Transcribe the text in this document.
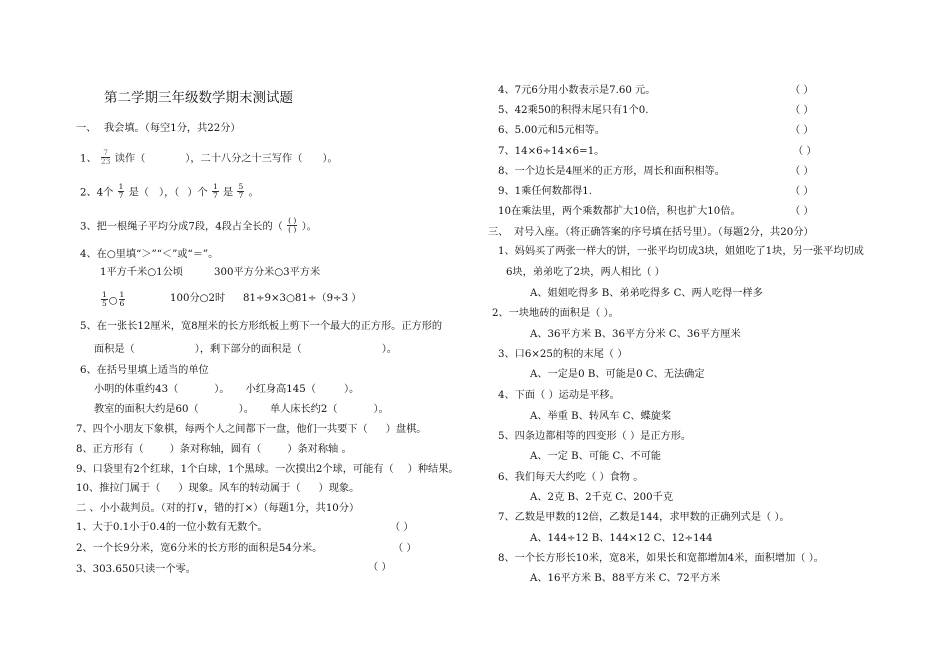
第二学期三年级数学期末测试题
一、 我会填。（每空1分，共22分）
1、 $\frac{7}{23}$ 读作（	），二十八分之十三写作（ ）。
2、4个 $\frac{1}{7}$ 是（ ），（ ）个 $\frac{1}{7}$ 是 $\frac{5}{7}$ 。
3、把一根绳子平均分成7段，4段占全长的（ $\frac{( )}{( )}$ ）。
4、在○里填“＞”“＜”或“＝”。
1平方千米○1公顷	300平方分米○3平方米
$\frac{1}{5}$ ○ $\frac{1}{6}$	100分○2时 81÷9×3○81÷（9÷3 ）
5、在一张长12厘米，宽8厘米的长方形纸板上剪下一个最大的正方形。正方形的
面积是（	），剩下部分的面积是（	）。
6、在括号里填上适当的单位
小明的体重约43（	）。 小红身高145（	）。
教室的面积大约是60（	）。 单人床长约2（	）。
7、四个小朋友下象棋，每两个人之间都下一盘，他们一共要下（ ）盘棋。
8、正方形有（	）条对称轴，圆有（	）条对称轴 。
9、口袋里有2个红球，1个白球，1个黑球。一次摸出2个球，可能有（ ）种结果。
10、推拉门属于（ ）现象。风车的转动属于（ ）现象。
二 、小小裁判员。（对的打∨，错的打×）（每题1分，共10分）
1、大于0.1小于0.4的一位小数有无数个。	（ ）
2、一个长9分米，宽6分米的长方形的面积是54分米。	（ ）
3、303.650只读一个零。	（ ）
4、7元6分用小数表示是7.60 元。	（ ）
5、42乘50的积得末尾只有1个0.	（ ）
6、5.00元和5元相等。	（ ）
7、14×6÷14×6=1。	（ ）
8、一个边长是4厘米的正方形，周长和面积相等。	（ ）
9、1乘任何数都得1.	（ ）
10在乘法里，两个乘数都扩大10倍，积也扩大10倍。	（ ）
三、 对号入座。（将正确答案的序号填在括号里）。（每题2分，共20分）
1、妈妈买了两张一样大的饼，一张平均切成3块，姐姐吃了1块，另一张平均切成
6块，弟弟吃了2块，两人相比（ ）
A、姐姐吃得多 B、弟弟吃得多 C、两人吃得一样多
2、一块地砖的面积是（ ）。
A、36平方米 B、36平方分米 C、36平方厘米
3、口6×25的积的末尾（ ）
A、一定是0 B、可能是0 C、无法确定
4、下面（ ）运动是平移。
A、举重 B、转风车 C、蝶旋桨
5、四条边都相等的四变形（ ）是正方形。
A、一定 B、可能 C、不可能
6、我们每天大约吃（ ）食物 。
A、2克 B、2千克 C、200千克
7、乙数是甲数的12倍，乙数是144，求甲数的正确列式是（ ）。
A、144÷12 B、144×12 C、12÷144
8、一个长方形长10米，宽8米，如果长和宽都增加4米，面积增加（ ）。
A、16平方米 B、88平方米 C、72平方米
